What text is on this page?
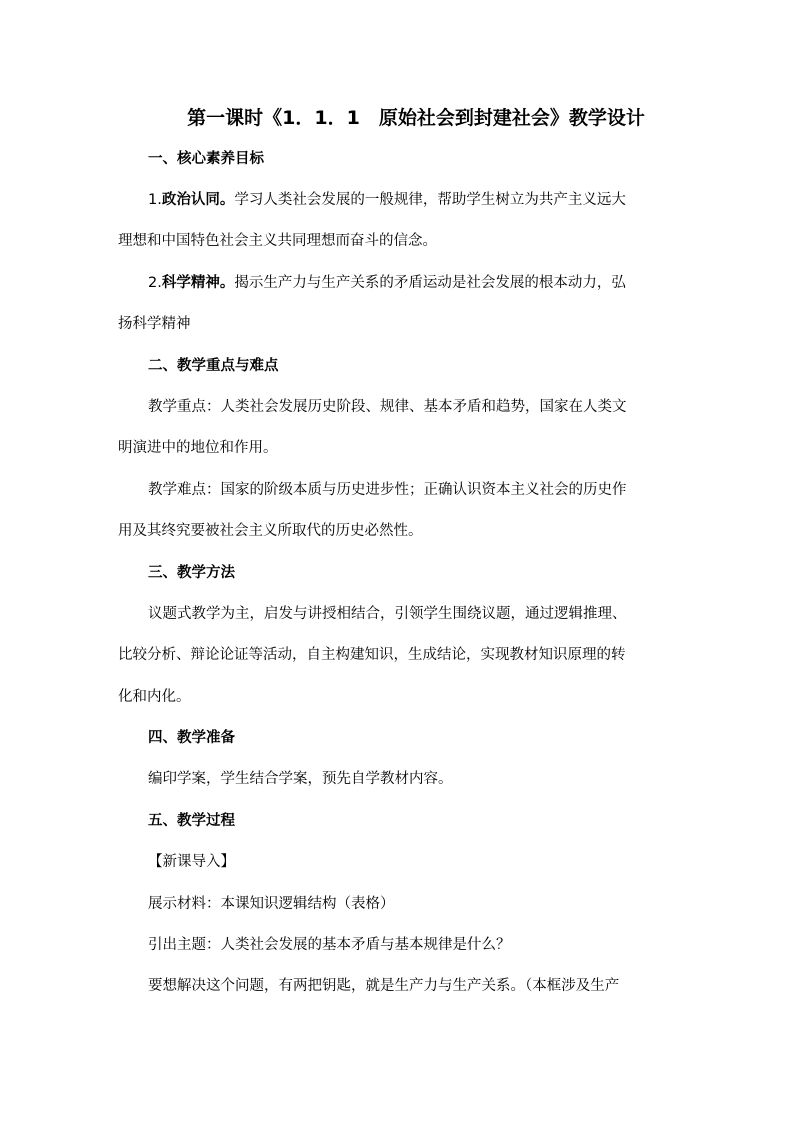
第一课时《1．1．1　原始社会到封建社会》教学设计
一、核心素养目标
1.政治认同。学习人类社会发展的一般规律，帮助学生树立为共产主义远大
理想和中国特色社会主义共同理想而奋斗的信念。
2.科学精神。揭示生产力与生产关系的矛盾运动是社会发展的根本动力，弘
扬科学精神
二、教学重点与难点
教学重点：人类社会发展历史阶段、规律、基本矛盾和趋势，国家在人类文
明演进中的地位和作用。
教学难点：国家的阶级本质与历史进步性；正确认识资本主义社会的历史作
用及其终究要被社会主义所取代的历史必然性。
三、教学方法
议题式教学为主，启发与讲授相结合，引领学生围绕议题，通过逻辑推理、
比较分析、辩论论证等活动，自主构建知识，生成结论，实现教材知识原理的转
化和内化。
四、教学准备
编印学案，学生结合学案，预先自学教材内容。
五、教学过程
【新课导入】
展示材料：本课知识逻辑结构（表格）
引出主题：人类社会发展的基本矛盾与基本规律是什么？
要想解决这个问题，有两把钥匙，就是生产力与生产关系。（本框涉及生产
